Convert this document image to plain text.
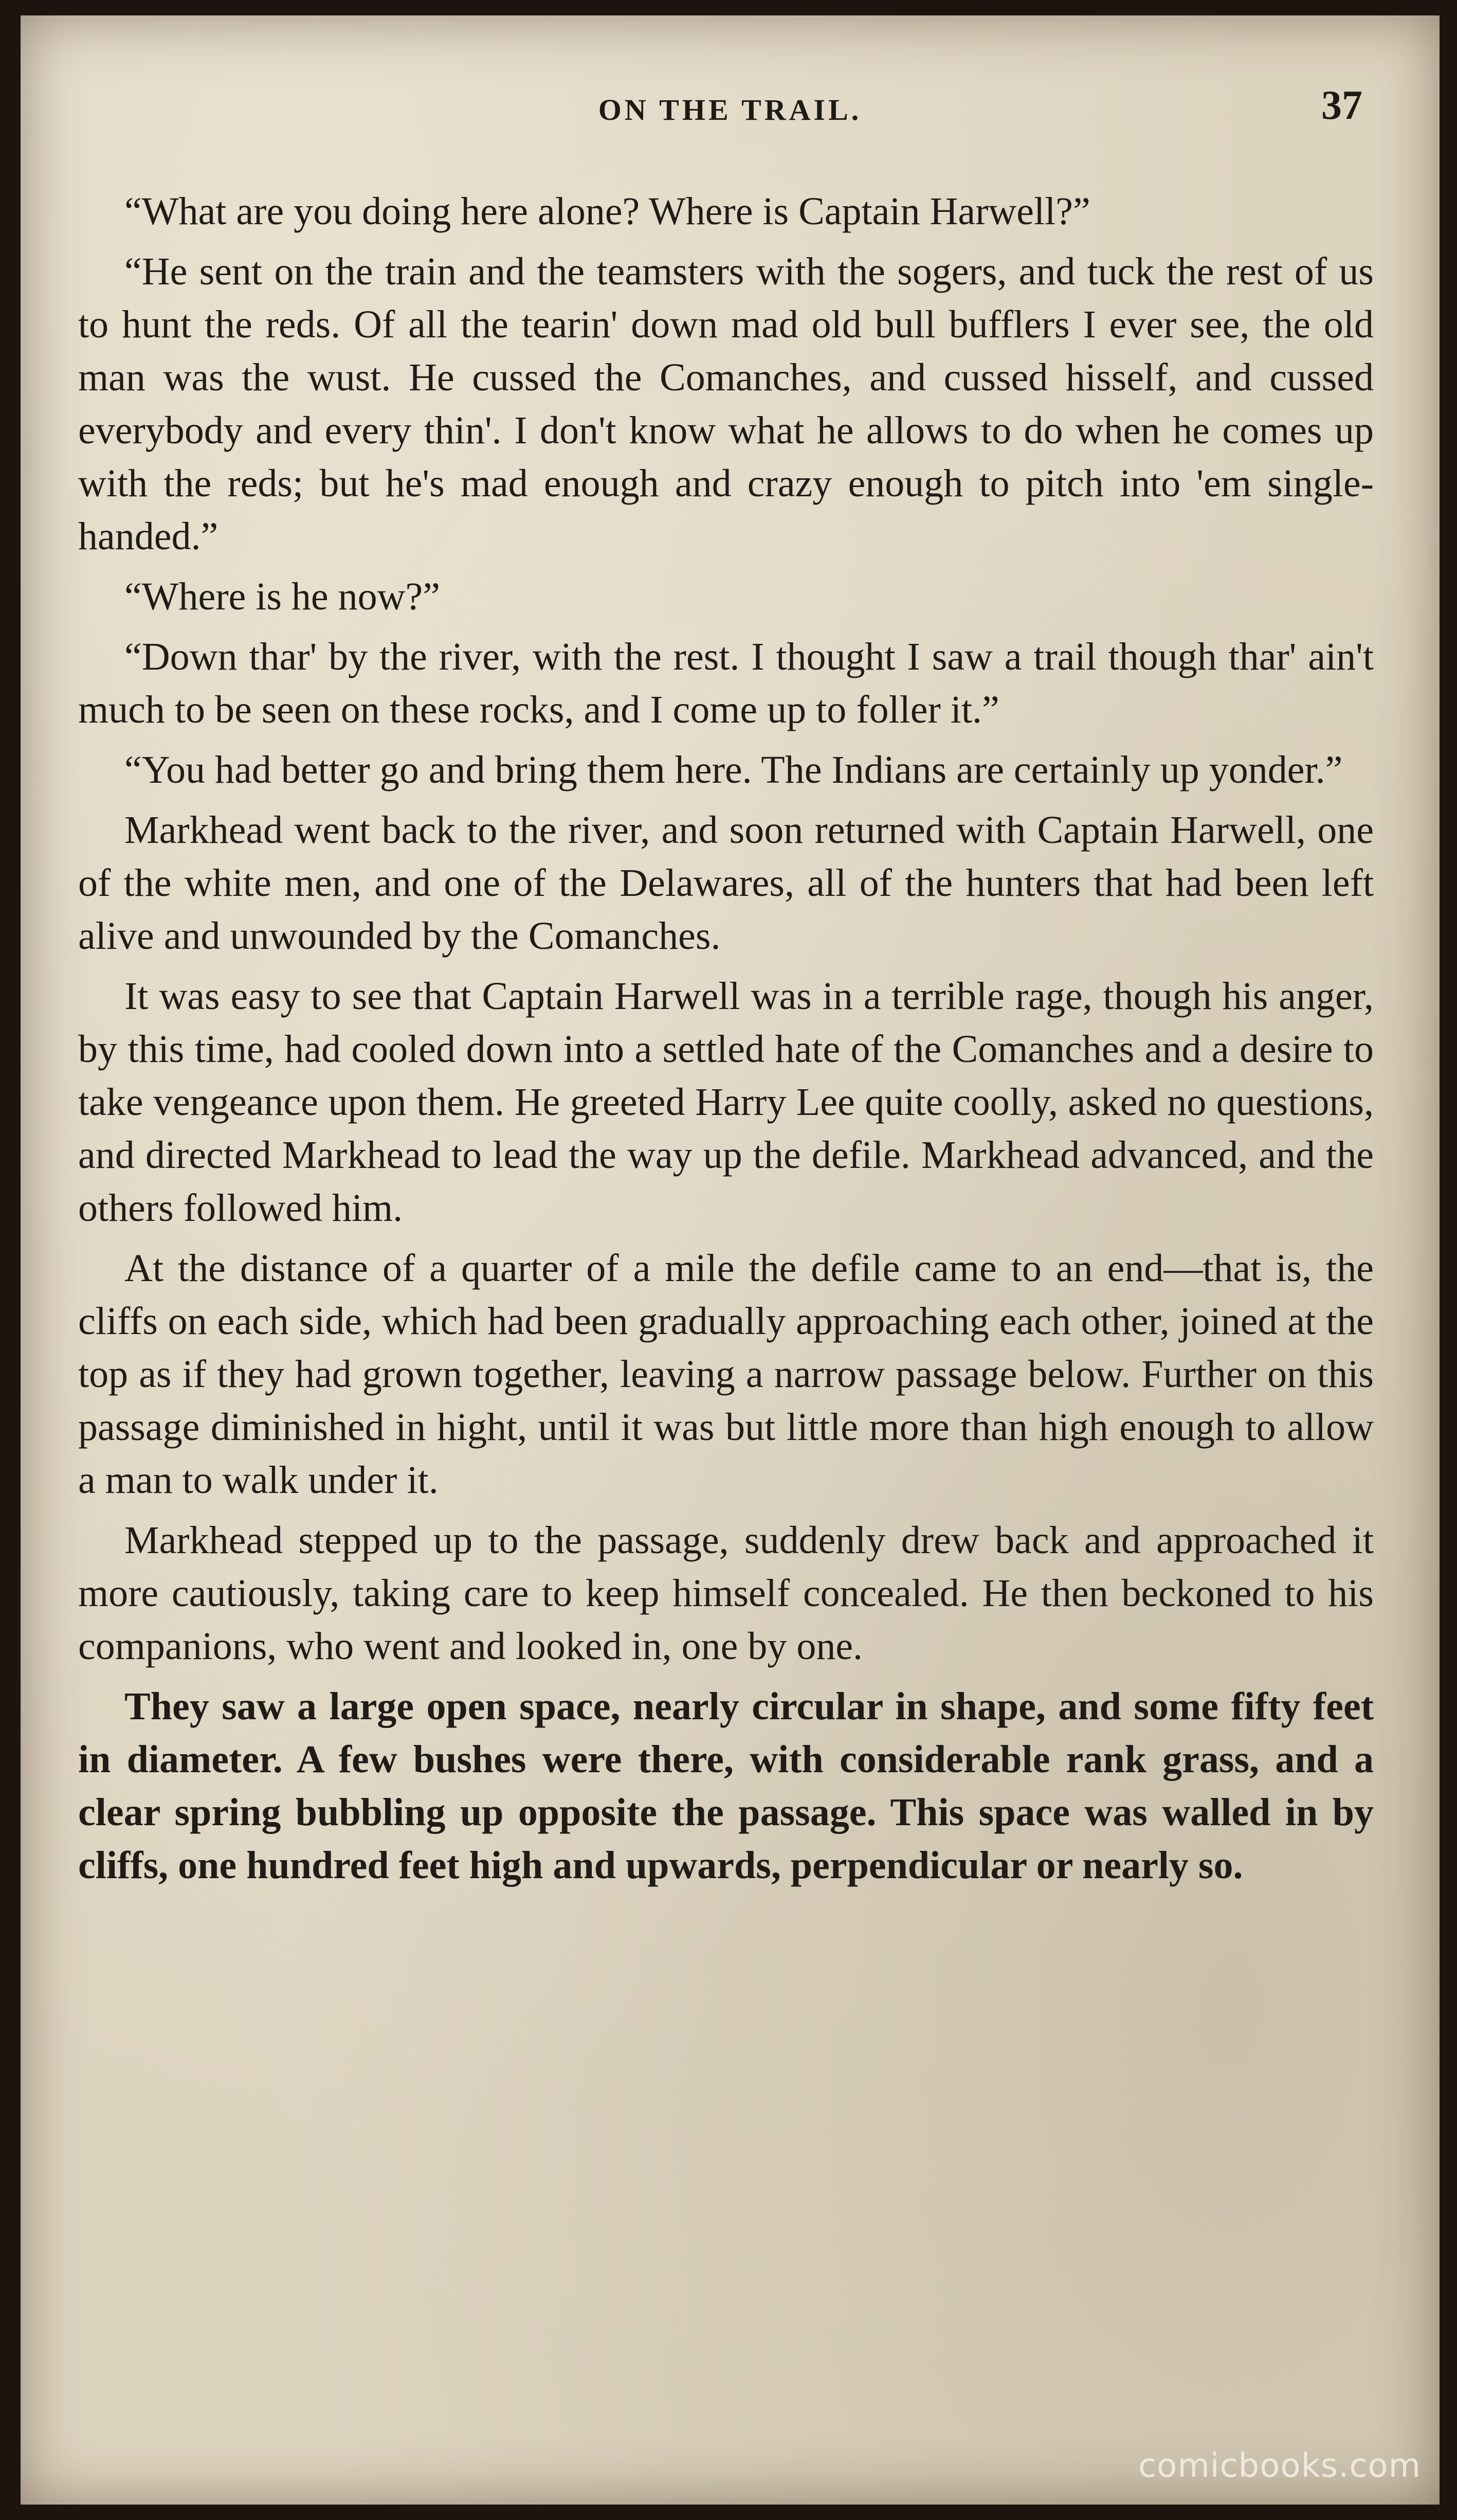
ON THE TRAIL.	37

“What are you doing here alone? Where is Captain Harwell?”

“He sent on the train and the teamsters with the sogers, and tuck the rest of us to hunt the reds. Of all the tearin' down mad old bull bufflers I ever see, the old man was the wust. He cussed the Comanches, and cussed hisself, and cussed everybody and every thin'. I don't know what he allows to do when he comes up with the reds; but he's mad enough and crazy enough to pitch into 'em single-handed.”

“Where is he now?”

“Down thar' by the river, with the rest. I thought I saw a trail though thar' ain't much to be seen on these rocks, and I come up to foller it.”

“You had better go and bring them here. The Indians are certainly up yonder.”

Markhead went back to the river, and soon returned with Captain Harwell, one of the white men, and one of the Delawares, all of the hunters that had been left alive and unwounded by the Comanches.

It was easy to see that Captain Harwell was in a terrible rage, though his anger, by this time, had cooled down into a settled hate of the Comanches and a desire to take vengeance upon them. He greeted Harry Lee quite coolly, asked no questions, and directed Markhead to lead the way up the defile. Markhead advanced, and the others followed him.

At the distance of a quarter of a mile the defile came to an end—that is, the cliffs on each side, which had been gradually approaching each other, joined at the top as if they had grown together, leaving a narrow passage below. Further on this passage diminished in hight, until it was but little more than high enough to allow a man to walk under it.

Markhead stepped up to the passage, suddenly drew back and approached it more cautiously, taking care to keep himself concealed. He then beckoned to his companions, who went and looked in, one by one.

They saw a large open space, nearly circular in shape, and some fifty feet in diameter. A few bushes were there, with considerable rank grass, and a clear spring bubbling up opposite the passage. This space was walled in by cliffs, one hundred feet high and upwards, perpendicular or nearly so.

comicbooks.com
